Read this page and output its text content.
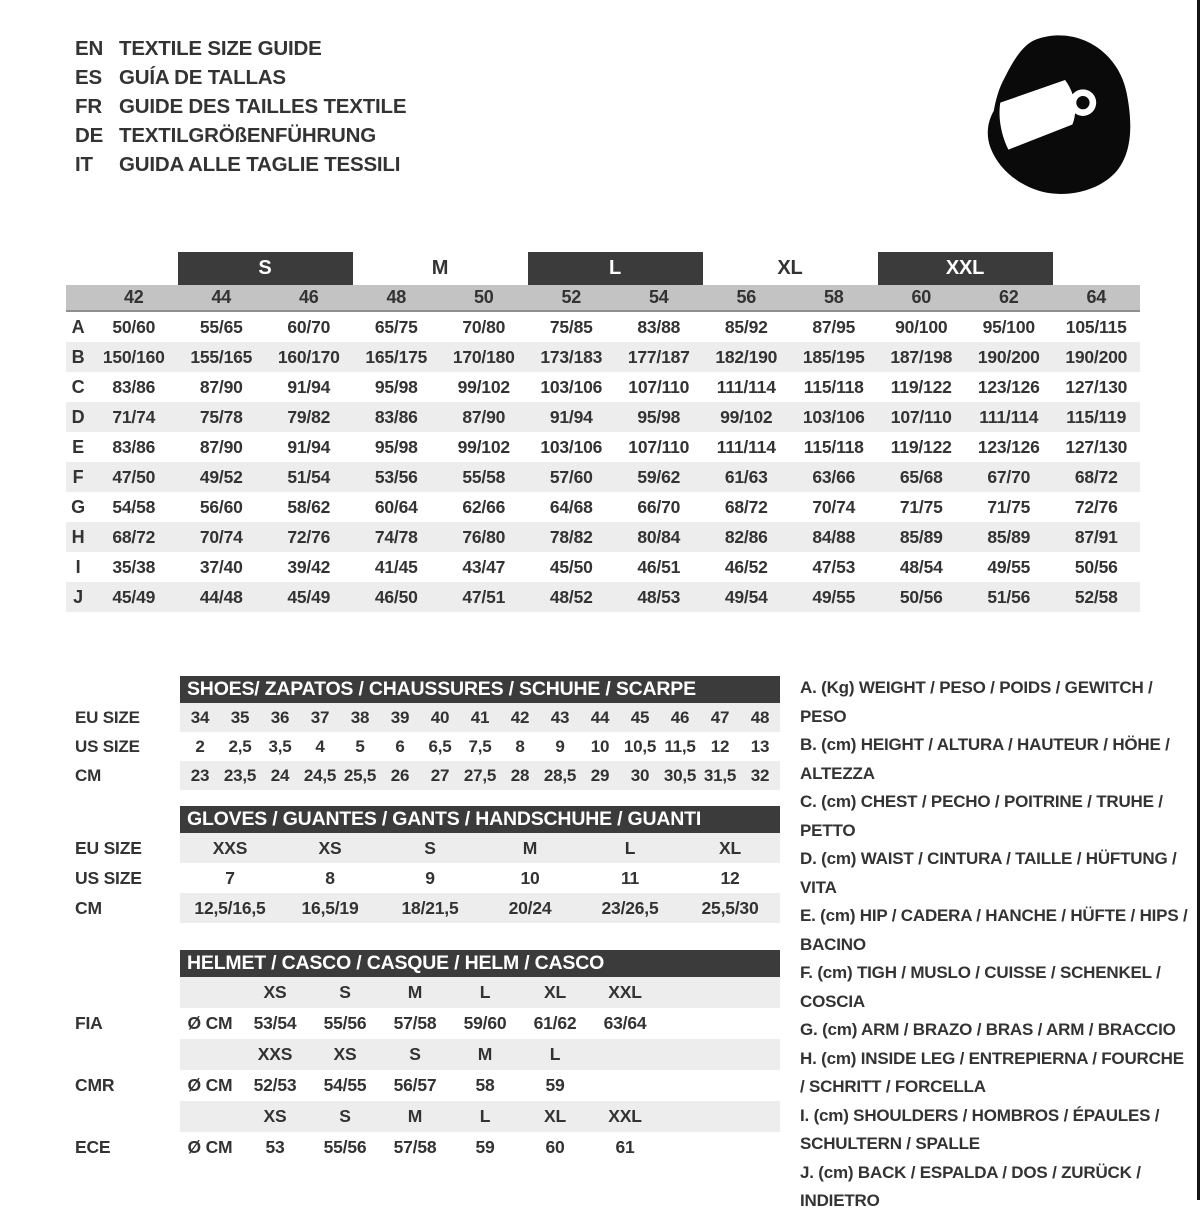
EN TEXTILE SIZE GUIDE
ES GUÍA DE TALLAS
FR GUIDE DES TAILLES TEXTILE
DE TEXTILGRÖßENFÜHRUNG
IT	GUIDA ALLE TAGLIE TESSILI
S	M	L	XL	XXL
42	44	46	48	50	52	54	56	58	60	62	64
A	50/60	55/65	60/70	65/75	70/80	75/85	83/88	85/92	87/95	90/100	95/100	105/115
B	150/160	155/165	160/170	165/175	170/180	173/183	177/187	182/190	185/195	187/198	190/200	190/200
C	83/86	87/90	91/94	95/98	99/102	103/106	107/110	111/114	115/118	119/122	123/126	127/130
D	71/74	75/78	79/82	83/86	87/90	91/94	95/98	99/102	103/106	107/110	111/114	115/119
E	83/86	87/90	91/94	95/98	99/102	103/106	107/110	111/114	115/118	119/122	123/126	127/130
F	47/50	49/52	51/54	53/56	55/58	57/60	59/62	61/63	63/66	65/68	67/70	68/72
G	54/58	56/60	58/62	60/64	62/66	64/68	66/70	68/72	70/74	71/75	71/75	72/76
H	68/72	70/74	72/76	74/78	76/80	78/82	80/84	82/86	84/88	85/89	85/89	87/91
I	35/38	37/40	39/42	41/45	43/47	45/50	46/51	46/52	47/53	48/54	49/55	50/56
J	45/49	44/48	45/49	46/50	47/51	48/52	48/53	49/54	49/55	50/56	51/56	52/58
SHOES/ ZAPATOS / CHAUSSURES / SCHUHE / SCARPE
EU SIZE	34	35	36	37	38	39	40	41	42	43	44	45	46	47	48
US SIZE	2	2,5 3,5	4	5	6	6,5 7,5	8	9	10 10,5 11,5 12	13
CM	23 23,5 24 24,5 25,5 26	27 27,5 28 28,5 29	30 30,5 31,5 32
A. (Kg) WEIGHT / PESO / POIDS / GEWITCH / PESO
B. (cm) HEIGHT / ALTURA / HAUTEUR / HÖHE / ALTEZZA
C. (cm) CHEST / PECHO / POITRINE / TRUHE / PETTO
D. (cm) WAIST / CINTURA / TAILLE / HÜFTUNG / VITA
E. (cm) HIP / CADERA / HANCHE / HÜFTE / HIPS / BACINO
F. (cm) TIGH / MUSLO / CUISSE / SCHENKEL / COSCIA
G. (cm) ARM / BRAZO / BRAS / ARM / BRACCIO
H. (cm) INSIDE LEG / ENTREPIERNA / FOURCHE / SCHRITT / FORCELLA
I. (cm) SHOULDERS / HOMBROS / ÉPAULES / SCHULTERN / SPALLE
J. (cm) BACK / ESPALDA / DOS / ZURÜCK / INDIETRO
GLOVES / GUANTES / GANTS / HANDSCHUHE / GUANTI
EU SIZE	XXS	XS	S	M	L	XL
US SIZE	7	8	9	10	11	12
CM	12,5/16,5	16,5/19	18/21,5	20/24	23/26,5	25,5/30
HELMET / CASCO / CASQUE / HELM / CASCO
XS	S	M	L	XL	XXL
FIA	Ø CM	53/54	55/56	57/58	59/60	61/62	63/64
XXS	XS	S	M	L
CMR	Ø CM	52/53	54/55	56/57	58	59
XS	S	M	L	XL	XXL
ECE	Ø CM	53	55/56	57/58	59	60	61
